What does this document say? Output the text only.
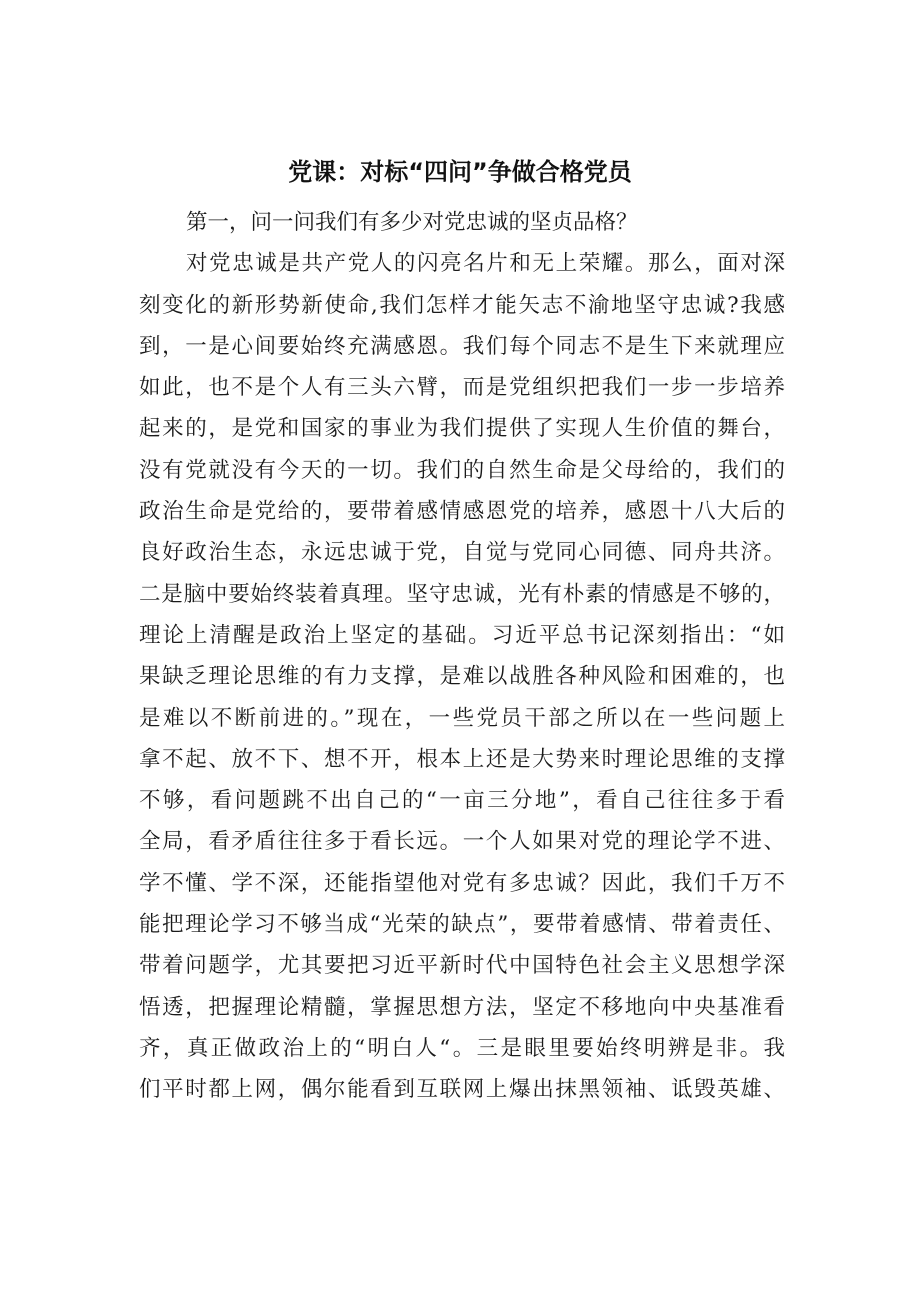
党课：对标“四问”争做合格党员
第一，问一问我们有多少对党忠诚的坚贞品格？
对党忠诚是共产党人的闪亮名片和无上荣耀。那么，面对深
刻变化的新形势新使命,我们怎样才能矢志不渝地坚守忠诚?我感
到，一是心间要始终充满感恩。我们每个同志不是生下来就理应
如此，也不是个人有三头六臂，而是党组织把我们一步一步培养
起来的，是党和国家的事业为我们提供了实现人生价值的舞台，
没有党就没有今天的一切。我们的自然生命是父母给的，我们的
政治生命是党给的，要带着感情感恩党的培养，感恩十八大后的
良好政治生态，永远忠诚于党，自觉与党同心同德、同舟共济。
二是脑中要始终装着真理。坚守忠诚，光有朴素的情感是不够的，
理论上清醒是政治上坚定的基础。习近平总书记深刻指出：“如
果缺乏理论思维的有力支撑，是难以战胜各种风险和困难的，也
是难以不断前进的。”现在，一些党员干部之所以在一些问题上
拿不起、放不下、想不开，根本上还是大势来时理论思维的支撑
不够，看问题跳不出自己的“一亩三分地”，看自己往往多于看
全局，看矛盾往往多于看长远。一个人如果对党的理论学不进、
学不懂、学不深，还能指望他对党有多忠诚？因此，我们千万不
能把理论学习不够当成“光荣的缺点”，要带着感情、带着责任、
带着问题学，尤其要把习近平新时代中国特色社会主义思想学深
悟透，把握理论精髓，掌握思想方法，坚定不移地向中央基准看
齐，真正做政治上的“明白人“。三是眼里要始终明辨是非。我
们平时都上网，偶尔能看到互联网上爆出抹黑领袖、诋毁英雄、
